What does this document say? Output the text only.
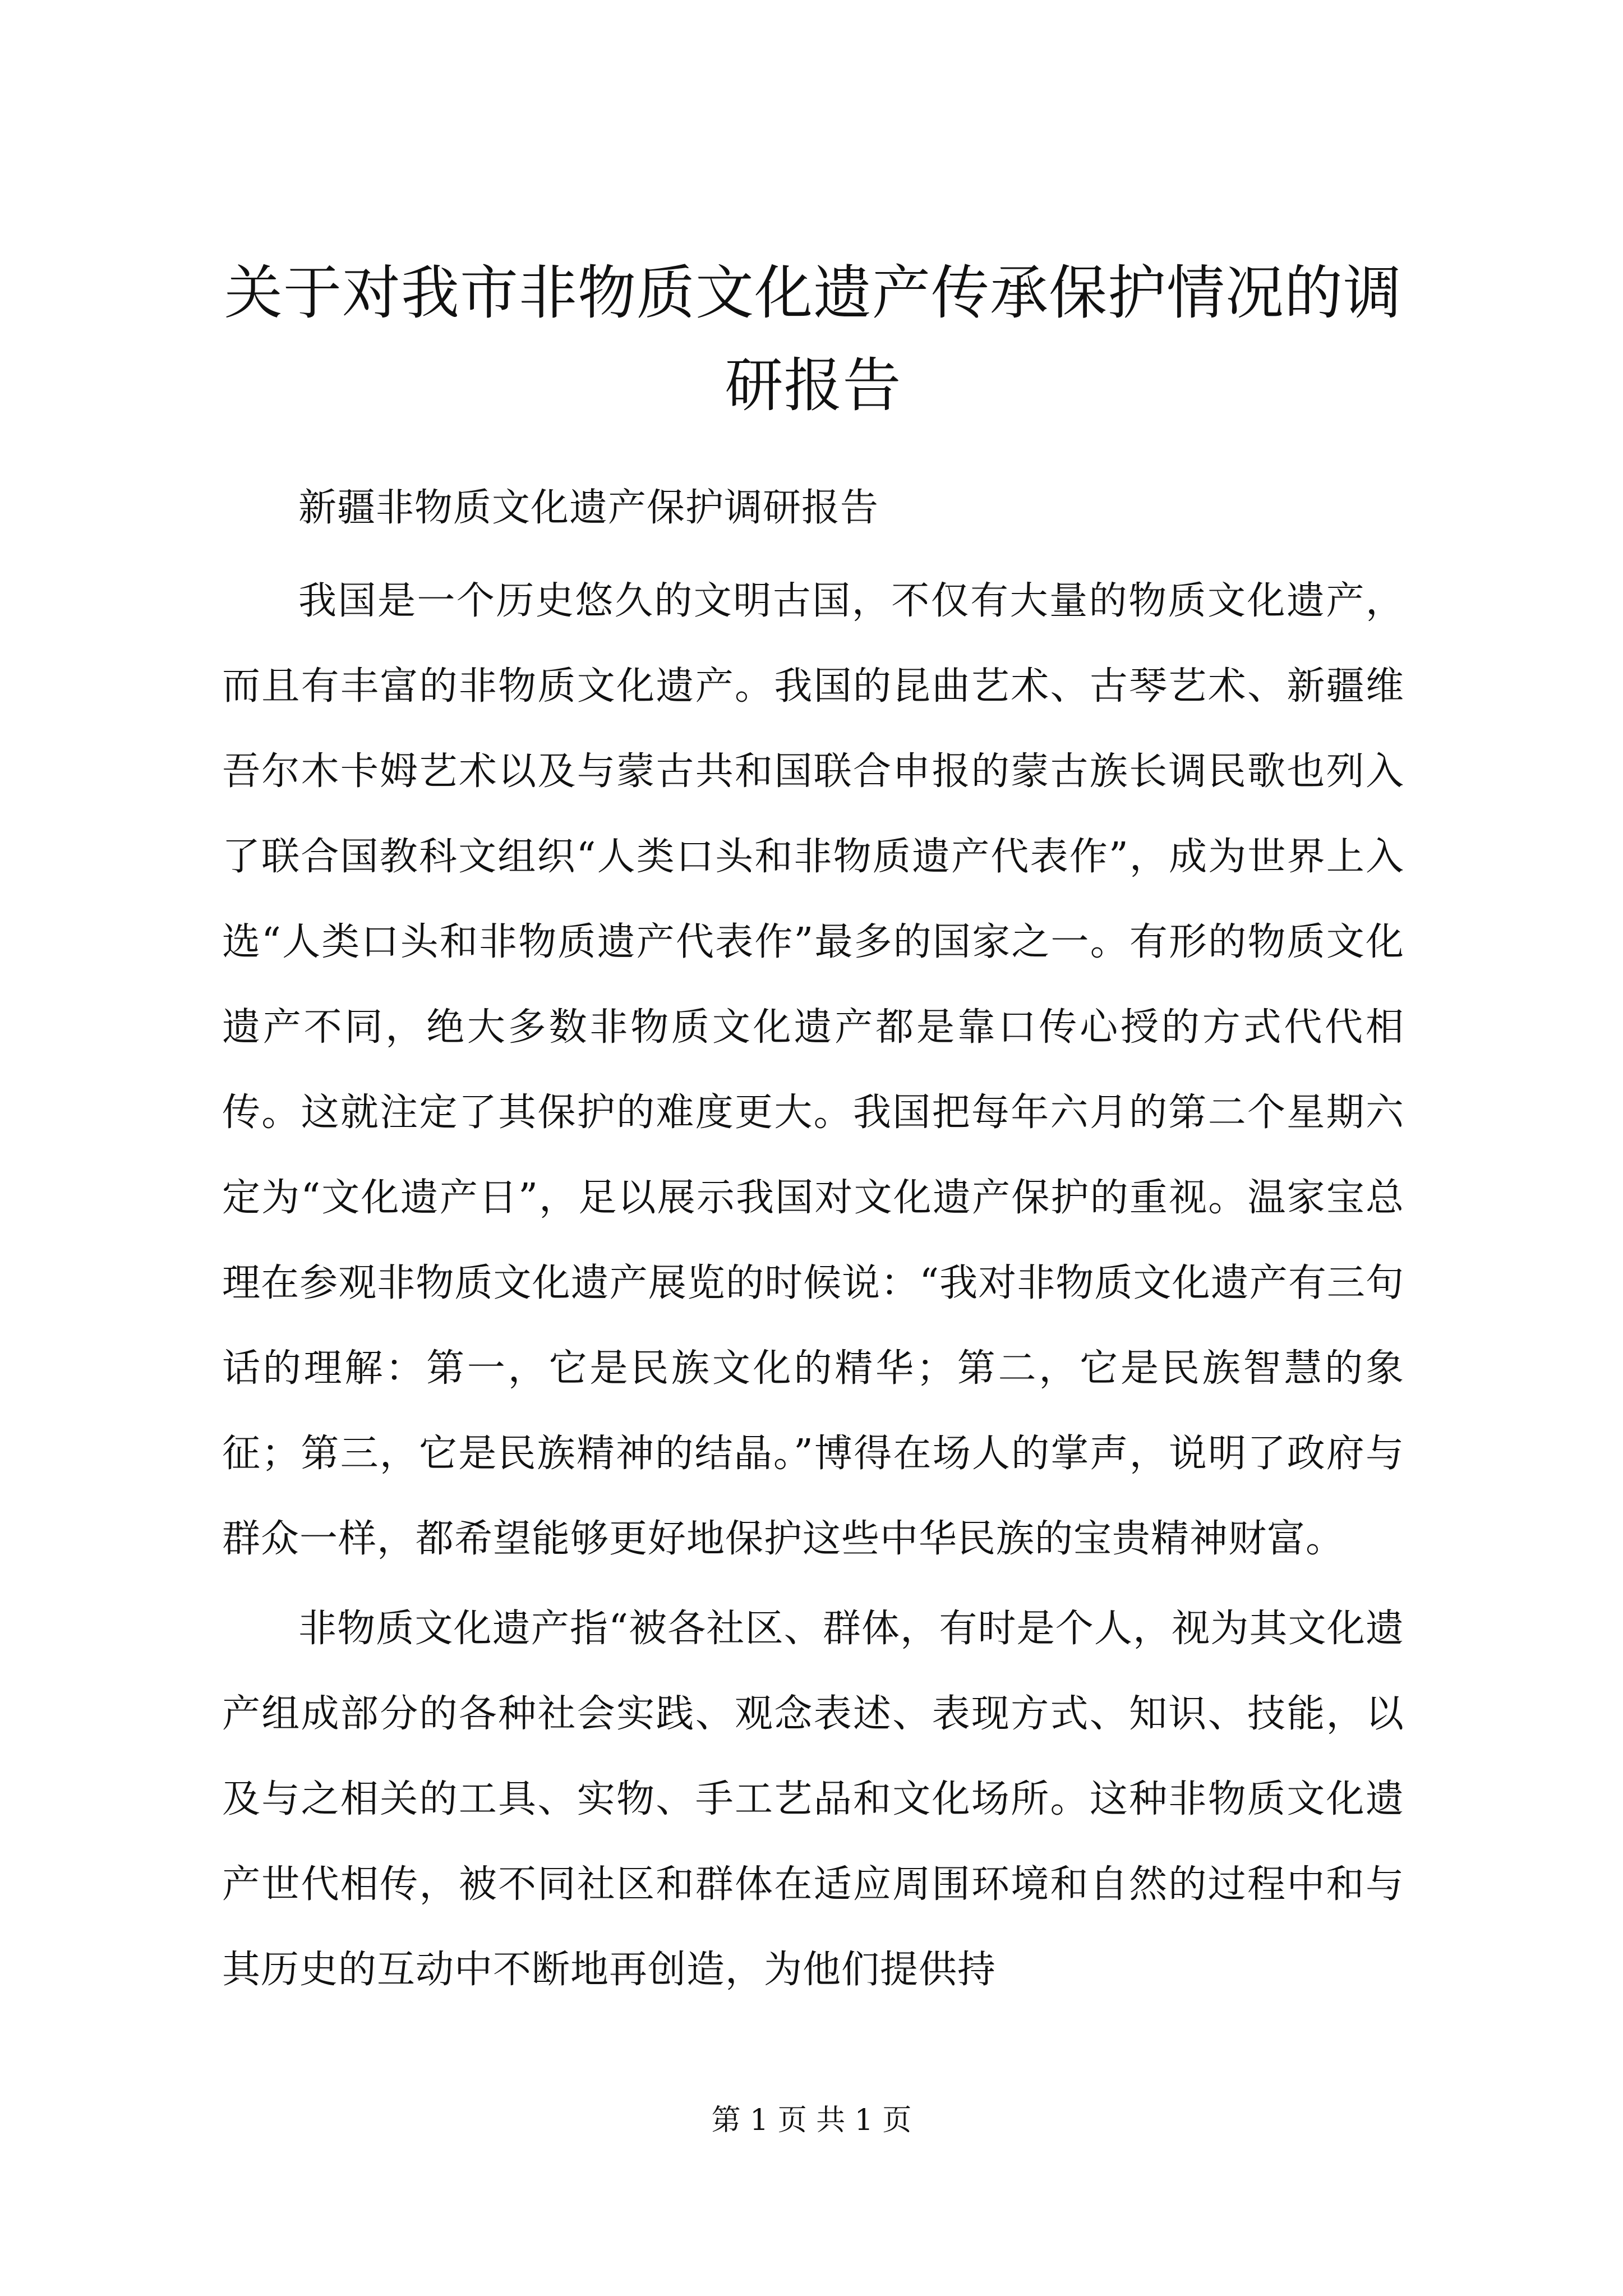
关于对我市非物质文化遗产传承保护情况的调研报告

新疆非物质文化遗产保护调研报告

我国是一个历史悠久的文明古国，不仅有大量的物质文化遗产，而且有丰富的非物质文化遗产。我国的昆曲艺术、古琴艺术、新疆维吾尔木卡姆艺术以及与蒙古共和国联合申报的蒙古族长调民歌也列入了联合国教科文组织“人类口头和非物质遗产代表作”，成为世界上入选“人类口头和非物质遗产代表作”最多的国家之一。有形的物质文化遗产不同，绝大多数非物质文化遗产都是靠口传心授的方式代代相传。这就注定了其保护的难度更大。我国把每年六月的第二个星期六定为“文化遗产日”，足以展示我国对文化遗产保护的重视。温家宝总理在参观非物质文化遗产展览的时候说：“我对非物质文化遗产有三句话的理解：第一，它是民族文化的精华；第二，它是民族智慧的象征；第三，它是民族精神的结晶。”博得在场人的掌声，说明了政府与群众一样，都希望能够更好地保护这些中华民族的宝贵精神财富。

非物质文化遗产指“被各社区、群体，有时是个人，视为其文化遗产组成部分的各种社会实践、观念表述、表现方式、知识、技能，以及与之相关的工具、实物、手工艺品和文化场所。这种非物质文化遗产世代相传，被不同社区和群体在适应周围环境和自然的过程中和与其历史的互动中不断地再创造，为他们提供持

第 1 页 共 1 页
